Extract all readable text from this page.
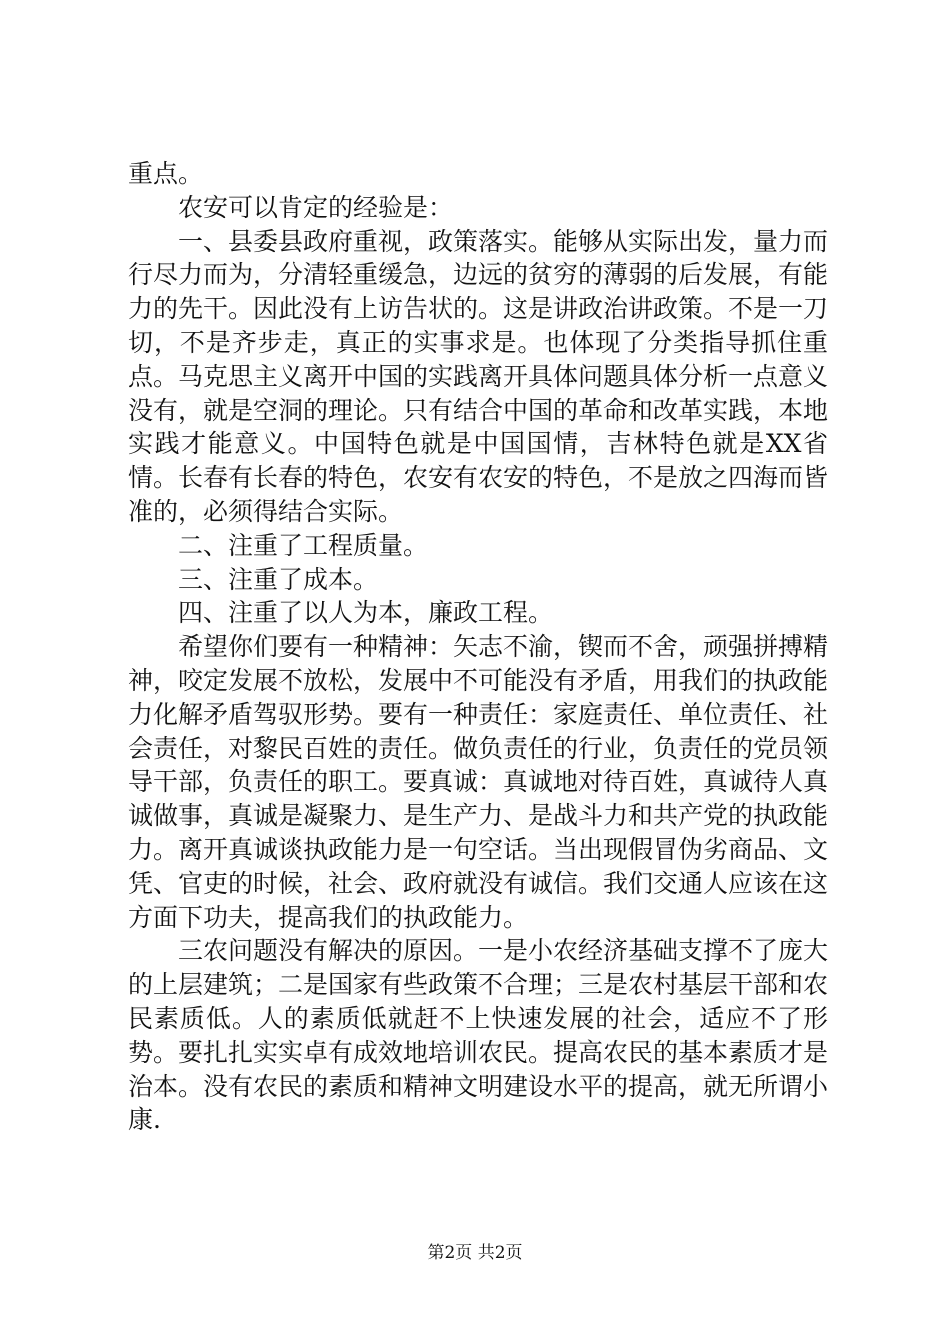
重点。

农安可以肯定的经验是：

一、县委县政府重视，政策落实。能够从实际出发，量力而行尽力而为，分清轻重缓急，边远的贫穷的薄弱的后发展，有能力的先干。因此没有上访告状的。这是讲政治讲政策。不是一刀切，不是齐步走，真正的实事求是。也体现了分类指导抓住重点。马克思主义离开中国的实践离开具体问题具体分析一点意义没有，就是空洞的理论。只有结合中国的革命和改革实践，本地实践才能意义。中国特色就是中国国情，吉林特色就是XX省情。长春有长春的特色，农安有农安的特色，不是放之四海而皆准的，必须得结合实际。

二、注重了工程质量。

三、注重了成本。

四、注重了以人为本，廉政工程。

希望你们要有一种精神：矢志不渝，锲而不舍，顽强拼搏精神，咬定发展不放松，发展中不可能没有矛盾，用我们的执政能力化解矛盾驾驭形势。要有一种责任：家庭责任、单位责任、社会责任，对黎民百姓的责任。做负责任的行业，负责任的党员领导干部，负责任的职工。要真诚：真诚地对待百姓，真诚待人真诚做事，真诚是凝聚力、是生产力、是战斗力和共产党的执政能力。离开真诚谈执政能力是一句空话。当出现假冒伪劣商品、文凭、官吏的时候，社会、政府就没有诚信。我们交通人应该在这方面下功夫，提高我们的执政能力。

三农问题没有解决的原因。一是小农经济基础支撑不了庞大的上层建筑；二是国家有些政策不合理；三是农村基层干部和农民素质低。人的素质低就赶不上快速发展的社会，适应不了形势。要扎扎实实卓有成效地培训农民。提高农民的基本素质才是治本。没有农民的素质和精神文明建设水平的提高，就无所谓小康.

第2页 共2页
